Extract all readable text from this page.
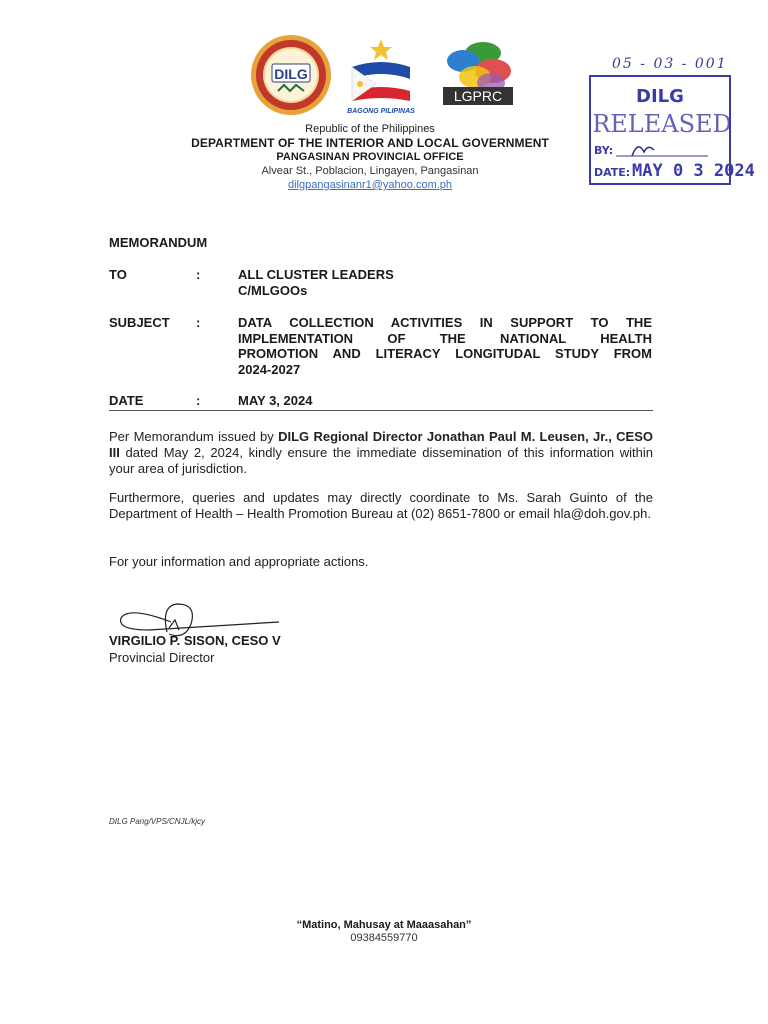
DILG
BAGONG PILIPINAS
LGPRC
Republic of the Philippines
DEPARTMENT OF THE INTERIOR AND LOCAL GOVERNMENT
PANGASINAN PROVINCIAL OFFICE
Alvear St., Poblacion, Lingayen, Pangasinan
dilgpangasinanr1@yahoo.com.ph
05 - 03 - 001
DILG
RELEASED
BY:
DATE: MAY 0 3 2024
MEMORANDUM
TO	:	ALL CLUSTER LEADERS
C/MLGOOs
SUBJECT :	DATA COLLECTION ACTIVITIES IN SUPPORT TO THE
IMPLEMENTATION OF THE NATIONAL HEALTH
PROMOTION AND LITERACY LONGITUDAL STUDY FROM
2024-2027
DATE	:	MAY 3, 2024
Per Memorandum issued by DILG Regional Director Jonathan Paul M. Leusen, Jr., CESO III dated May 2, 2024, kindly ensure the immediate dissemination of this information within your area of jurisdiction.
Furthermore, queries and updates may directly coordinate to Ms. Sarah Guinto of the Department of Health – Health Promotion Bureau at (02) 8651-7800 or email hla@doh.gov.ph.
For your information and appropriate actions.
VIRGILIO P. SISON, CESO V
Provincial Director
DILG Pang/VPS/CNJL/kjcy
“Matino, Mahusay at Maaasahan”
09384559770
